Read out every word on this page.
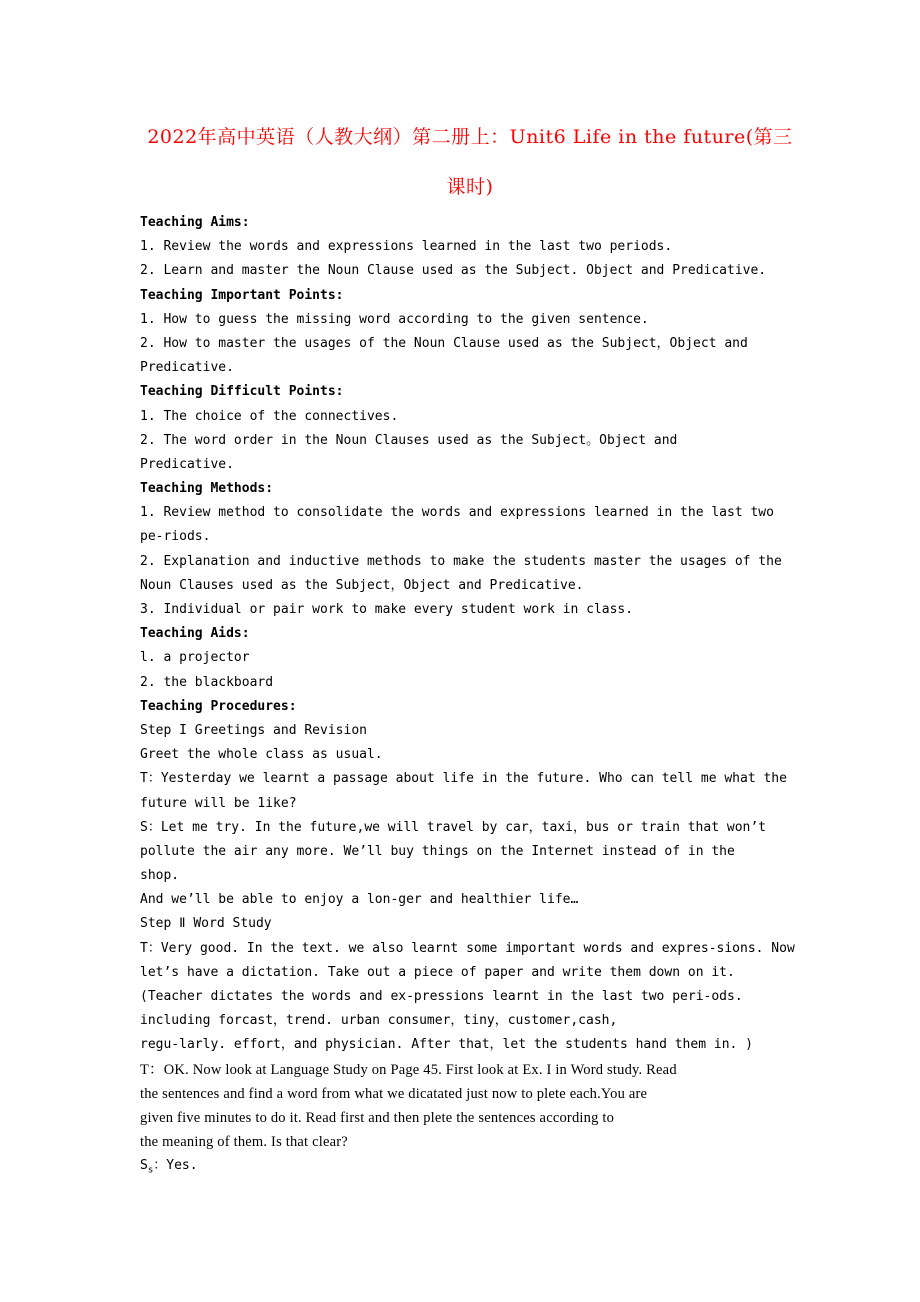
2022年高中英语（人教大纲）第二册上：Unit6 Life in the future(第三
课时)
Teaching Aims:
1. Review the words and expressions learned in the last two periods.
2. Learn and master the Noun Clause used as the Subject. Object and Predicative.
Teaching Important Points:
1. How to guess the missing word according to the given sentence.
2. How to master the usages of the Noun Clause used as the Subject，Object and
Predicative.
Teaching Difficult Points:
1. The choice of the connectives.
2. The word order in the Noun Clauses used as the Subject。Object and
Predicative.
Teaching Methods:
1. Review method to consolidate the words and expressions learned in the last two
pe-riods.
2. Explanation and inductive methods to make the students master the usages of the
Noun Clauses used as the Subject，Object and Predicative.
3. Individual or pair work to make every student work in class.
Teaching Aids:
l. a projector
2. the blackboard
Teaching Procedures:
Step I Greetings and Revision
Greet the whole class as usual.
T：Yesterday we learnt a passage about life in the future. Who can tell me what the
future will be 1ike?
S：Let me try. In the future,we will travel by car，taxi，bus or train that won’t
pollute the air any more. We’ll buy things on the Internet instead of in the
shop.
And we’ll be able to enjoy a lon-ger and healthier life…
Step Ⅱ Word Study
T：Very good. In the text. we also learnt some important words and expres-sions. Now
let’s have a dictation. Take out a piece of paper and write them down on it.
(Teacher dictates the words and ex-pressions learnt in the last two peri-ods.
including forcast，trend. urban consumer，tiny，customer,cash,
regu-larly. effort，and physician. After that，let the students hand them in. )
T：OK. Now look at Language Study on Page 45. First look at Ex. I in Word study. Read
the sentences and find a word from what we dicatated just now to plete each.You are
given five minutes to do it. Read first and then plete the sentences according to
the meaning of them. Is that clear?
$S_s$：Yes.
